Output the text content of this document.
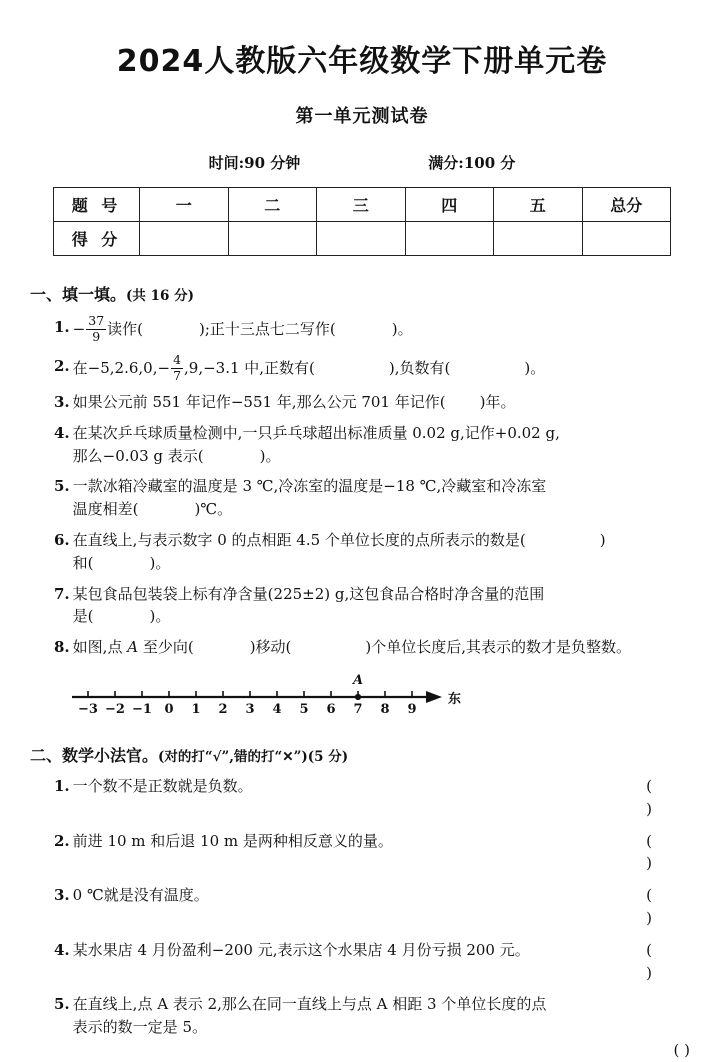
2024人教版六年级数学下册单元卷
第一单元测试卷
时间:90 分钟	满分:100 分
题 号	一	二	三	四	五	总分
得 分						
一、填一填。(共 16 分)
1. − $\frac{37}{9}$ 读作(	);正十三点七二写作(	)。
2. 在$-5,2.6,0,- \frac{4}{7} ,9,-3.1$ 中,正数有(	),负数有(	)。
3. 如果公元前 551 年记作−551 年,那么公元 701 年记作( )年。
4. 在某次乒乓球质量检测中,一只乒乓球超出标准质量 0.02 g,记作+0.02 g,
那么−0.03 g 表示(	)。
5. 一款冰箱冷藏室的温度是 3 ℃,冷冻室的温度是−18 ℃,冷藏室和冷冻室
温度相差(	)℃。
6. 在直线上,与表示数字 0 的点相距 4.5 个单位长度的点所表示的数是(	)
和(	)。
7. 某包食品包装袋上标有净含量(225±2) g,这包食品合格时净含量的范围
是(	)。
8. 如图,点 A 至少向(	)移动(	)个单位长度后,其表示的数才是负整数。
−3 −2 −1 0 1 2 3 4 5 6 7 8 9
A
东
二、数学小法官。(对的打“√”,错的打“✕”)(5 分)
1. 一个数不是正数就是负数。	( )
2. 前进 10 m 和后退 10 m 是两种相反意义的量。	( )
3. 0 ℃就是没有温度。	( )
4. 某水果店 4 月份盈利−200 元,表示这个水果店 4 月份亏损 200 元。	( )
5. 在直线上,点 A 表示 2,那么在同一直线上与点 A 相距 3 个单位长度的点
表示的数一定是 5。
( )
